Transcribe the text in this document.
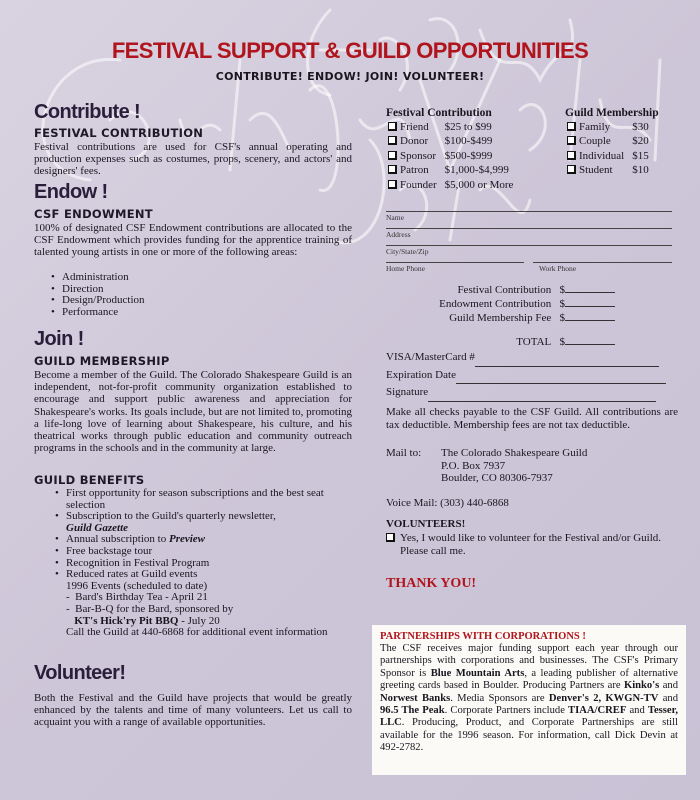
FESTIVAL SUPPORT & GUILD OPPORTUNITIES
CONTRIBUTE! ENDOW! JOIN! VOLUNTEER!
Contribute !
FESTIVAL CONTRIBUTION
Festival contributions are used for CSF's annual operating and production expenses such as costumes, props, scenery, and actors' and designers' fees.
Endow !
CSF ENDOWMENT
100% of designated CSF Endowment contributions are allocated to the CSF Endowment which provides funding for the apprentice training of talented young artists in one or more of the following areas:
• Administration
• Direction
• Design/Production
• Performance
Join !
GUILD MEMBERSHIP
Become a member of the Guild. The Colorado Shakespeare Guild is an independent, not-for-profit community organization established to encourage and support public awareness and appreciation for Shakespeare's works. Its goals include, but are not limited to, promoting a life-long love of learning about Shakespeare, his culture, and his theatrical works through public education and community outreach programs in the schools and in the community at large.
GUILD BENEFITS
• First opportunity for season subscriptions and the best seat selection
• Subscription to the Guild's quarterly newsletter,
Guild Gazette
• Annual subscription to Preview
• Free backstage tour
• Recognition in Festival Program
• Reduced rates at Guild events
1996 Events (scheduled to date)
-  Bard's Birthday Tea - April 21
-  Bar-B-Q for the Bard, sponsored by
KT's Hick'ry Pit BBQ - July 20
Call the Guild at 440-6868 for additional event information
Volunteer!
Both the Festival and the Guild have projects that would be greatly enhanced by the talents and time of many volunteers. Let us call to acquaint you with a range of available opportunities.
Festival Contribution
Friend	$25 to $99
Donor	$100-$499
Sponsor	$500-$999
Patron	$1,000-$4,999
Founder	$5,000 or More
Guild Membership
Family	$30
Couple	$20
Individual	$15
Student	$10
Name
Address
City/State/Zip
Home Phone	Work Phone
Festival Contribution $
Endowment Contribution $
Guild Membership Fee $
TOTAL $
VISA/MasterCard #
Expiration Date
Signature
Make all checks payable to the CSF Guild. All contributions are tax deductible. Membership fees are not tax deductible.
Mail to: The Colorado Shakespeare Guild
P.O. Box 7937
Boulder, CO 80306-7937
Voice Mail: (303) 440-6868
VOLUNTEERS!
Yes, I would like to volunteer for the Festival and/or Guild. Please call me.
THANK YOU!
PARTNERSHIPS WITH CORPORATIONS !

The CSF receives major funding support each year through our partnerships with corporations and businesses. The CSF's Primary Sponsor is Blue Mountain Arts, a leading publisher of alternative greeting cards based in Boulder. Producing Partners are Kinko's and Norwest Banks. Media Sponsors are Denver's 2, KWGN-TV and 96.5 The Peak. Corporate Partners include TIAA/CREF and Tesser, LLC. Producing, Product, and Corporate Partnerships are still available for the 1996 season. For information, call Dick Devin at 492-2782.
